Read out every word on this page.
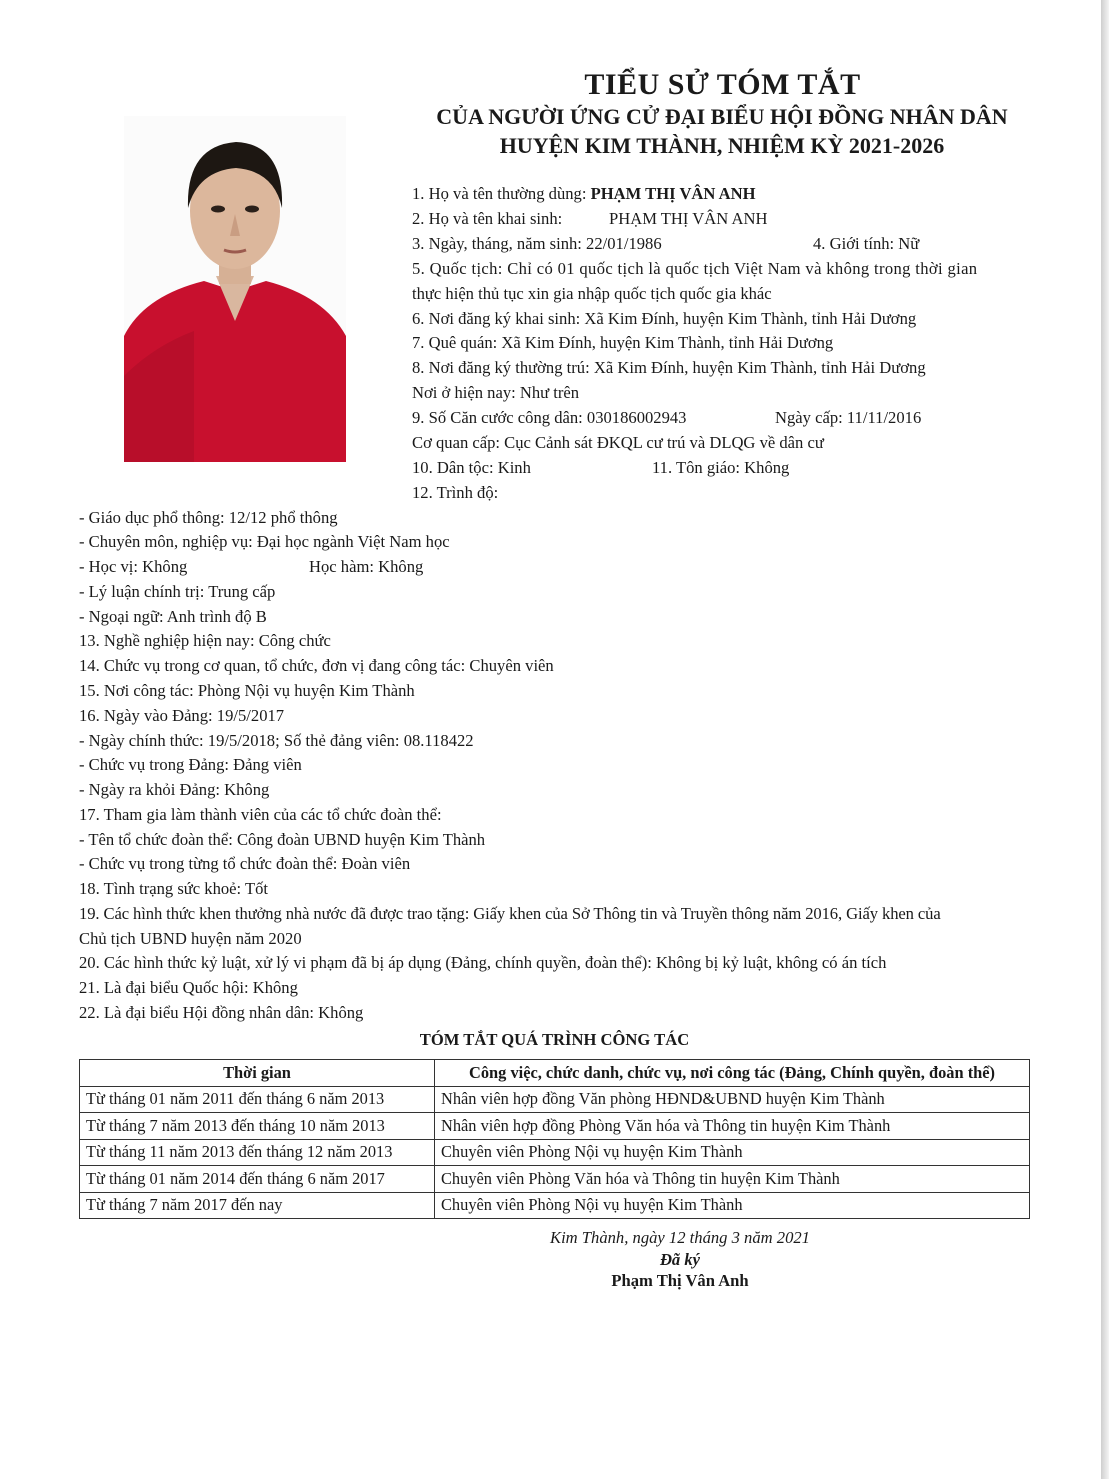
TIỂU SỬ TÓM TẮT
CỦA NGƯỜI ỨNG CỬ ĐẠI BIỂU HỘI ĐỒNG NHÂN DÂN
HUYỆN KIM THÀNH, NHIỆM KỲ 2021-2026
1. Họ và tên thường dùng: PHẠM THỊ VÂN ANH
2. Họ và tên khai sinh:	PHẠM THỊ VÂN ANH
3. Ngày, tháng, năm sinh: 22/01/1986	4. Giới tính: Nữ
5. Quốc tịch: Chỉ có 01 quốc tịch là quốc tịch Việt Nam và không trong thời gian
thực hiện thủ tục xin gia nhập quốc tịch quốc gia khác
6. Nơi đăng ký khai sinh: Xã Kim Đính, huyện Kim Thành, tỉnh Hải Dương
7. Quê quán: Xã Kim Đính, huyện Kim Thành, tỉnh Hải Dương
8. Nơi đăng ký thường trú: Xã Kim Đính, huyện Kim Thành, tỉnh Hải Dương
Nơi ở hiện nay: Như trên
9. Số Căn cước công dân: 030186002943	Ngày cấp: 11/11/2016
Cơ quan cấp: Cục Cảnh sát ĐKQL cư trú và DLQG về dân cư
10. Dân tộc: Kinh	11. Tôn giáo: Không
12. Trình độ:
- Giáo dục phổ thông: 12/12 phổ thông
- Chuyên môn, nghiệp vụ: Đại học ngành Việt Nam học
- Học vị: Không	Học hàm: Không
- Lý luận chính trị: Trung cấp
- Ngoại ngữ: Anh trình độ B
13. Nghề nghiệp hiện nay: Công chức
14. Chức vụ trong cơ quan, tổ chức, đơn vị đang công tác: Chuyên viên
15. Nơi công tác: Phòng Nội vụ huyện Kim Thành
16. Ngày vào Đảng: 19/5/2017
- Ngày chính thức: 19/5/2018; Số thẻ đảng viên: 08.118422
- Chức vụ trong Đảng: Đảng viên
- Ngày ra khỏi Đảng: Không
17. Tham gia làm thành viên của các tổ chức đoàn thể:
- Tên tổ chức đoàn thể: Công đoàn UBND huyện Kim Thành
- Chức vụ trong từng tổ chức đoàn thể: Đoàn viên
18. Tình trạng sức khoẻ: Tốt
19. Các hình thức khen thưởng nhà nước đã được trao tặng: Giấy khen của Sở Thông tin và Truyền thông năm 2016, Giấy khen của
Chủ tịch UBND huyện năm 2020
20. Các hình thức kỷ luật, xử lý vi phạm đã bị áp dụng (Đảng, chính quyền, đoàn thể): Không bị kỷ luật, không có án tích
21. Là đại biểu Quốc hội: Không
22. Là đại biểu Hội đồng nhân dân: Không
TÓM TẮT QUÁ TRÌNH CÔNG TÁC
Thời gian	Công việc, chức danh, chức vụ, nơi công tác (Đảng, Chính quyền, đoàn thể)
Từ tháng 01 năm 2011 đến tháng 6 năm 2013	Nhân viên hợp đồng Văn phòng HĐND&UBND huyện Kim Thành
Từ tháng 7 năm 2013 đến tháng 10 năm 2013	Nhân viên hợp đồng Phòng Văn hóa và Thông tin huyện Kim Thành
Từ tháng 11 năm 2013 đến tháng 12 năm 2013	Chuyên viên Phòng Nội vụ huyện Kim Thành
Từ tháng 01 năm 2014 đến tháng 6 năm 2017	Chuyên viên Phòng Văn hóa và Thông tin huyện Kim Thành
Từ tháng 7 năm 2017 đến nay	Chuyên viên Phòng Nội vụ huyện Kim Thành
Kim Thành, ngày 12 tháng 3 năm 2021
Đã ký
Phạm Thị Vân Anh
